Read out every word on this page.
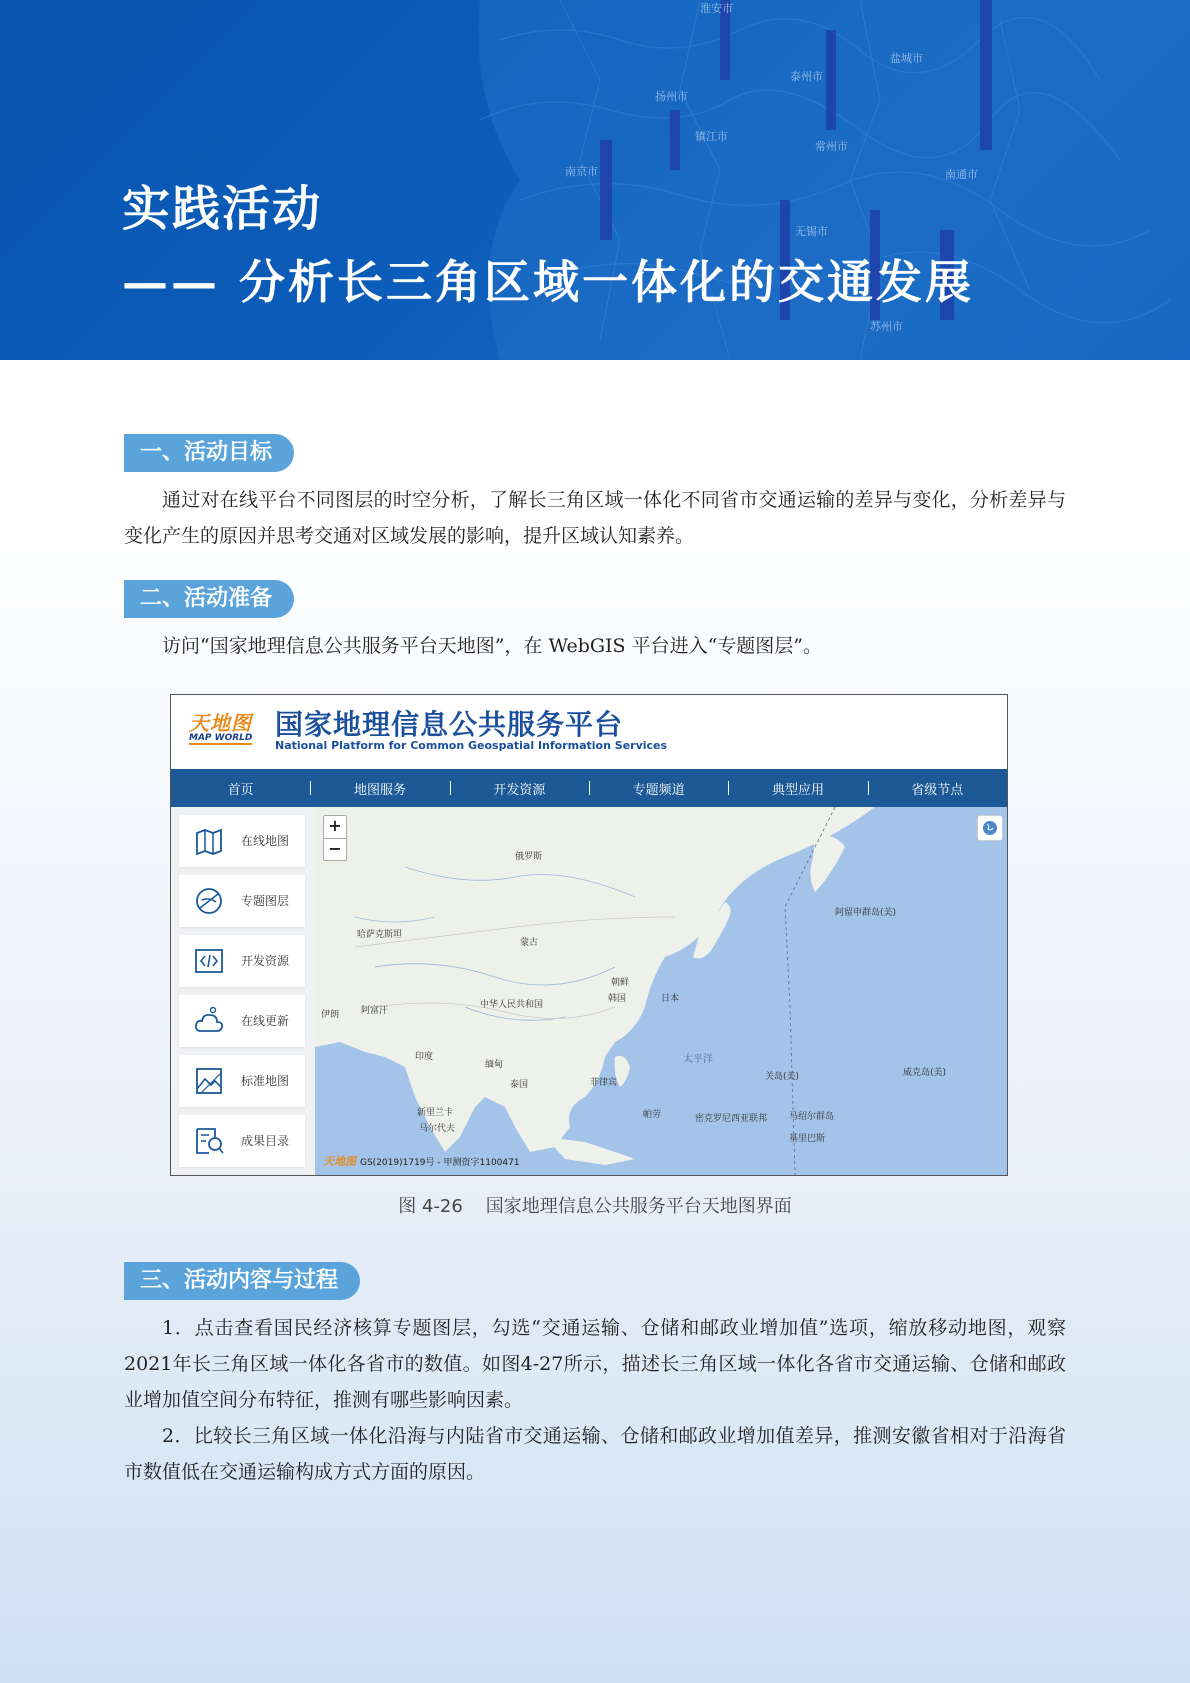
扬州市
泰州市
镇江市
南京市
常州市
南通市
无锡市
苏州市
盐城市
淮安市
实践活动
—— 分析长三角区域一体化的交通发展
一、活动目标
通过对在线平台不同图层的时空分析，了解长三角区域一体化不同省市交通运输的差异与变化，分析差异与变化产生的原因并思考交通对区域发展的影响，提升区域认知素养。
二、活动准备
访问“国家地理信息公共服务平台天地图”，在 WebGIS 平台进入“专题图层”。
天地图
MAP WORLD 国家地理信息公共服务平台
National Platform for Common Geospatial Information Services
首页	地图服务	开发资源	专题频道	典型应用	省级节点
在线地图
专题图层
开发资源
在线更新
标准地图
成果目录
+
−	俄罗斯
哈萨克斯坦
蒙古
中华人民共和国
朝鲜
韩国	日本
伊朗 阿富汗
印度
缅甸
泰国	菲律宾
太平洋
阿留申群岛(美)
密克罗尼西亚联邦 马绍尔群岛
基里巴斯
新里兰卡
马尔代夫
关岛(美)	威克岛(美)
帕劳
天地图 GS(2019)1719号 - 甲测资字1100471
图 4-26    国家地理信息公共服务平台天地图界面
三、活动内容与过程
1．点击查看国民经济核算专题图层，勾选“交通运输、仓储和邮政业增加值”选项，缩放移动地图，观察2021年长三角区域一体化各省市的数值。如图4-27所示，描述长三角区域一体化各省市交通运输、仓储和邮政业增加值空间分布特征，推测有哪些影响因素。
2．比较长三角区域一体化沿海与内陆省市交通运输、仓储和邮政业增加值差异，推测安徽省相对于沿海省市数值低在交通运输构成方式方面的原因。
